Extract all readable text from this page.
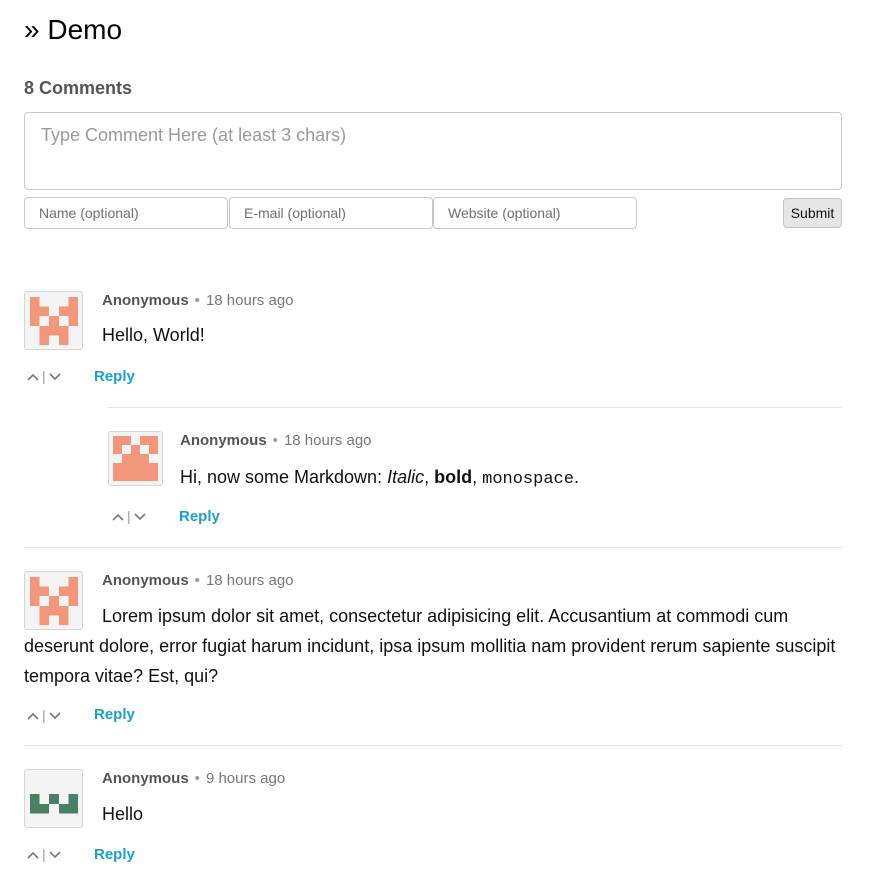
» Demo
8 Comments
Type Comment Here (at least 3 chars)
Name (optional)
E-mail (optional)
Website (optional)
Submit
Anonymous • 18 hours ago
Hello, World!
|	Reply
Anonymous • 18 hours ago
Hi, now some Markdown: Italic, bold, monospace.
|	Reply
Anonymous • 18 hours ago
Lorem ipsum dolor sit amet, consectetur adipisicing elit. Accusantium at commodi cum deserunt dolore, error fugiat harum incidunt, ipsa ipsum mollitia nam provident rerum sapiente suscipit tempora vitae? Est, qui?
|	Reply
Anonymous • 9 hours ago
Hello
|	Reply
